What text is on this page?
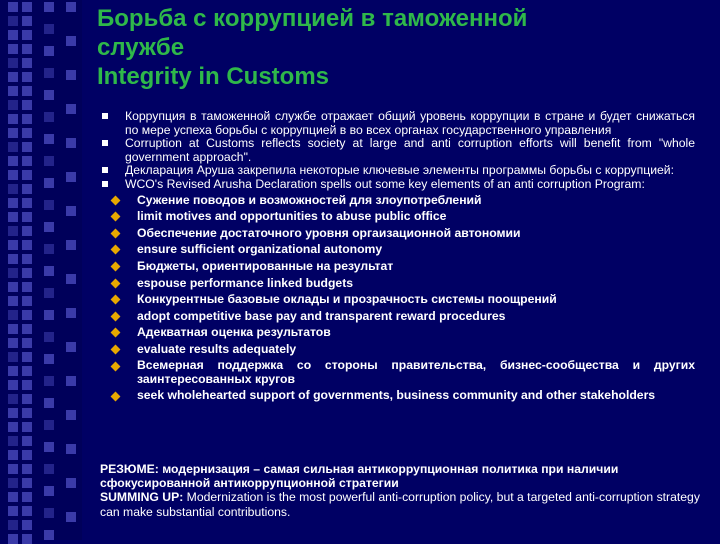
Борьба с коррупцией в таможенной
службе
Integrity in Customs
Коррупция в таможенной службе отражает общий уровень коррупции в стране и будет снижаться по мере успеха борьбы с коррупцией в во всех органах государственного управления
Corruption at Customs reflects society at large and anti corruption efforts will benefit from "whole government approach".
Декларация Аруша закрепила некоторые ключевые элементы программы борьбы с коррупцией:
WCO's Revised Arusha Declaration spells out some key elements of an anti corruption Program:
Сужение поводов и возможностей для злоупотреблений
limit motives and opportunities to abuse public office
Обеспечение достаточного уровня оргаизационной автономии
ensure sufficient organizational autonomy
Бюджеты, ориентированные на результат
espouse performance linked budgets
Конкурентные базовые оклады и прозрачность системы поощрений
adopt competitive base pay and transparent reward procedures
Адекватная оценка результатов
evaluate results adequately
Всемерная поддержка со стороны правительства, бизнес-сообщества и других заинтересованных кругов
seek wholehearted support of governments, business community and other stakeholders

РЕЗЮМЕ: модернизация – самая сильная антикоррупционная политика при наличии сфокусированной антикоррупционной стратегии

SUMMING UP: Modernization is the most powerful anti-corruption policy, but a targeted anti-corruption strategy can make substantial contributions.
